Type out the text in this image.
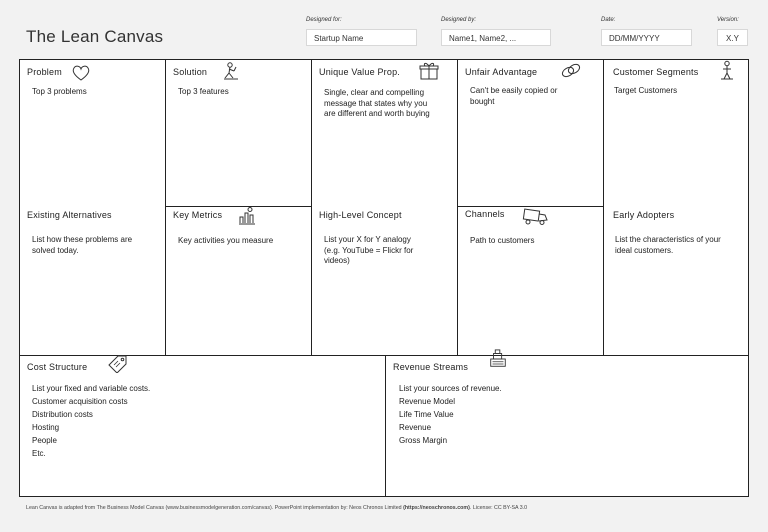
The Lean Canvas
Designed for:
Startup Name
Designed by:
Name1, Name2, ...
Date:
DD/MM/YYYY
Version:
X.Y
Problem
Top 3 problems
Existing Alternatives
List how these problems are
solved today.
Solution
Top 3 features
Key Metrics
Key activities you measure
Unique Value Prop.
Single, clear and compelling
message that states why you
are different and worth buying
High-Level Concept
List your X for Y analogy
(e.g. YouTube = Flickr for
videos)
Unfair Advantage
Can't be easily copied or
bought
Channels
Path to customers
Customer Segments
Target Customers
Early Adopters
List the characteristics of your
ideal customers.
Cost Structure
List your fixed and variable costs.
Customer acquisition costs
Distribution costs
Hosting
People
Etc.
Revenue Streams
List your sources of revenue.
Revenue Model
Life Time Value
Revenue
Gross Margin
Lean Canvas is adapted from The Business Model Canvas (www.businessmodelgeneration.com/canvas). PowerPoint implementation by: Neos Chronos Limited (https://neoschronos.com). License: CC BY-SA 3.0
